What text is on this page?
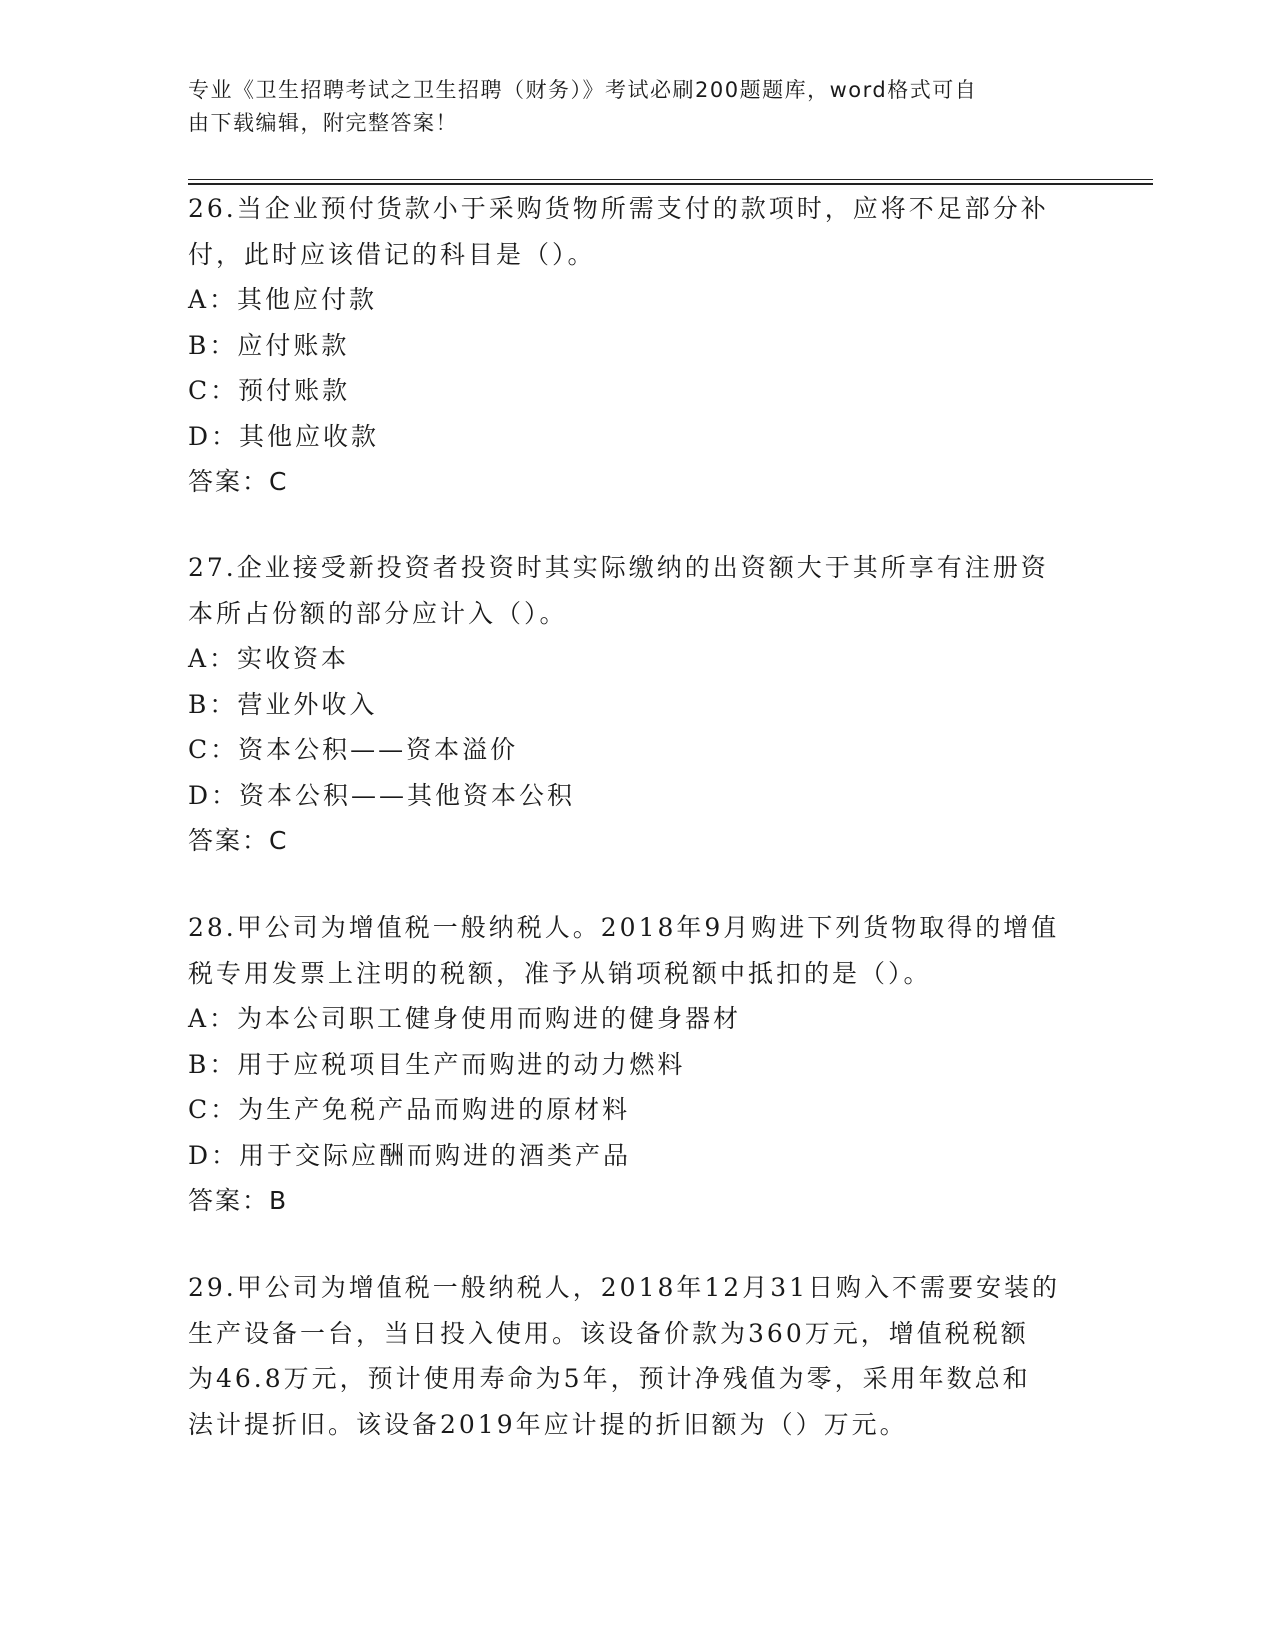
专业《卫生招聘考试之卫生招聘（财务）》考试必刷200题题库，word格式可自
由下载编辑，附完整答案！
26.当企业预付货款小于采购货物所需支付的款项时，应将不足部分补
付，此时应该借记的科目是（）。
A：其他应付款
B：应付账款
C：预付账款
D：其他应收款
答案：C
27.企业接受新投资者投资时其实际缴纳的出资额大于其所享有注册资
本所占份额的部分应计入（）。
A：实收资本
B：营业外收入
C：资本公积——资本溢价
D：资本公积——其他资本公积
答案：C
28.甲公司为增值税一般纳税人。2018年9月购进下列货物取得的增值
税专用发票上注明的税额，准予从销项税额中抵扣的是（）。
A：为本公司职工健身使用而购进的健身器材
B：用于应税项目生产而购进的动力燃料
C：为生产免税产品而购进的原材料
D：用于交际应酬而购进的酒类产品
答案：B
29.甲公司为增值税一般纳税人，2018年12月31日购入不需要安装的
生产设备一台，当日投入使用。该设备价款为360万元，增值税税额
为46.8万元，预计使用寿命为5年，预计净残值为零，采用年数总和
法计提折旧。该设备2019年应计提的折旧额为（）万元。
